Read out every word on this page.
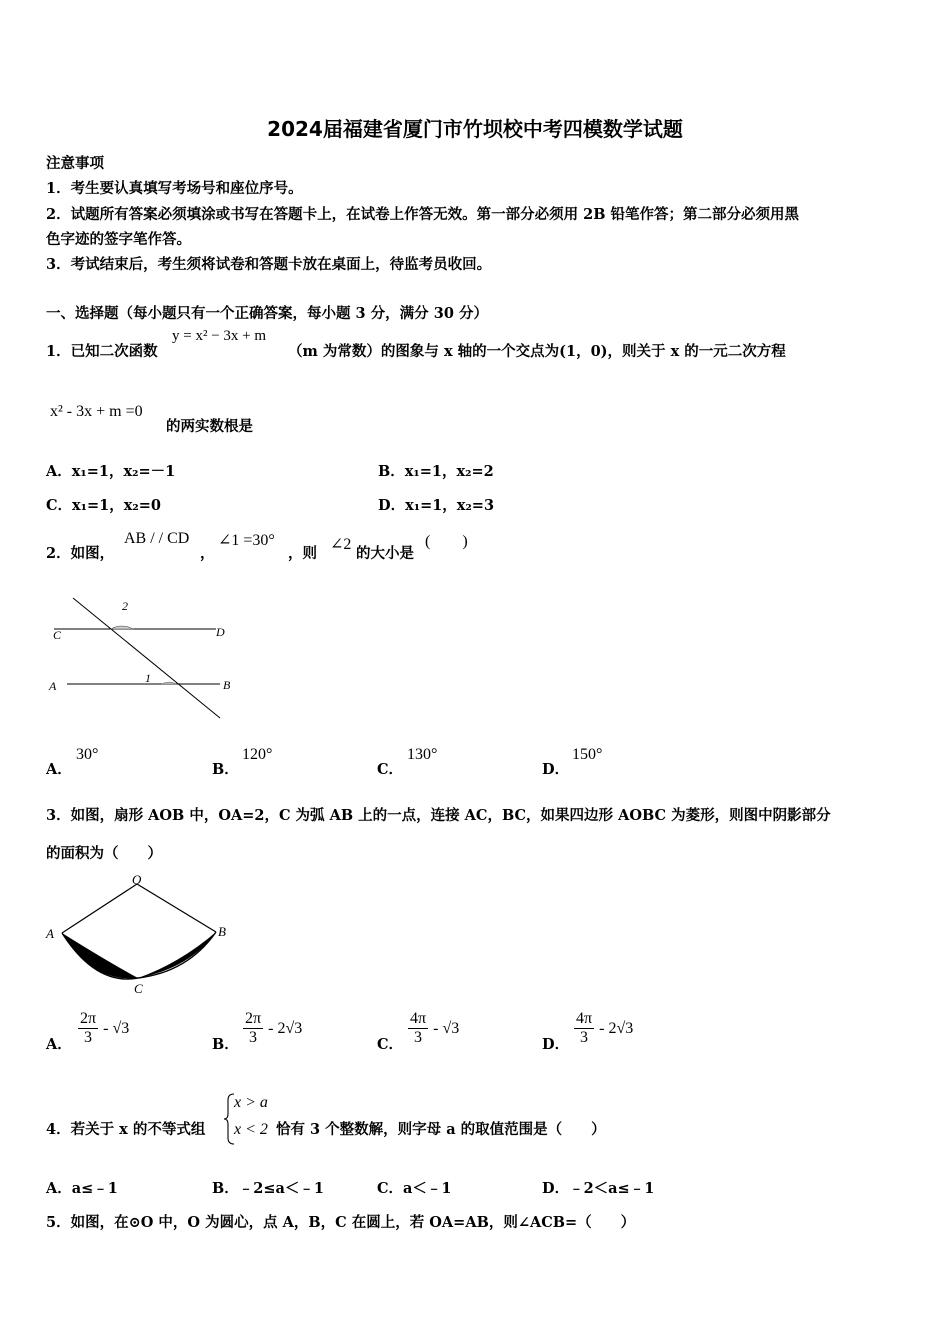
2024届福建省厦门市竹坝校中考四模数学试题
注意事项
1．考生要认真填写考场号和座位序号。
2．试题所有答案必须填涂或书写在答题卡上，在试卷上作答无效。第一部分必须用 2B 铅笔作答；第二部分必须用黑
色字迹的签字笔作答。
3．考试结束后，考生须将试卷和答题卡放在桌面上，待监考员收回。
一、选择题（每小题只有一个正确答案，每小题 3 分，满分 30 分）
1．已知二次函数
y = x² − 3x + m
（m 为常数）的图象与 x 轴的一个交点为(1，0)，则关于 x 的一元二次方程
x² - 3x + m =0
的两实数根是
A．x₁=1，x₂=－1	B．x₁=1，x₂=2
C．x₁=1，x₂=0	D．x₁=1，x₂=3
2．如图，
AB / / CD
，
∠1 =30°
，则
∠2
的大小是
(　　)
C	D
A	B
1
2
A．
30°
B．
120°
C．
130°
D．
150°
3．如图，扇形 AOB 中，OA=2，C 为弧 AB 上的一点，连接 AC，BC，如果四边形 AOBC 为菱形，则图中阴影部分
的面积为（　　）
O
A	B
C
A． $\frac{2\pi}{3} - √3$
B． $\frac{2\pi}{3} - 2√3$
C． $\frac{4\pi}{3} - √3$
D． $\frac{4\pi}{3} - 2√3$
4．若关于 x 的不等式组
x > a
x < 2 恰有 3 个整数解，则字母 a 的取值范围是（　　）
A．a≤﹣1	B．﹣2≤a＜﹣1	C．a＜﹣1	D．﹣2＜a≤﹣1
5．如图，在⊙O 中，O 为圆心，点 A，B，C 在圆上，若 OA=AB，则∠ACB=（　　）
